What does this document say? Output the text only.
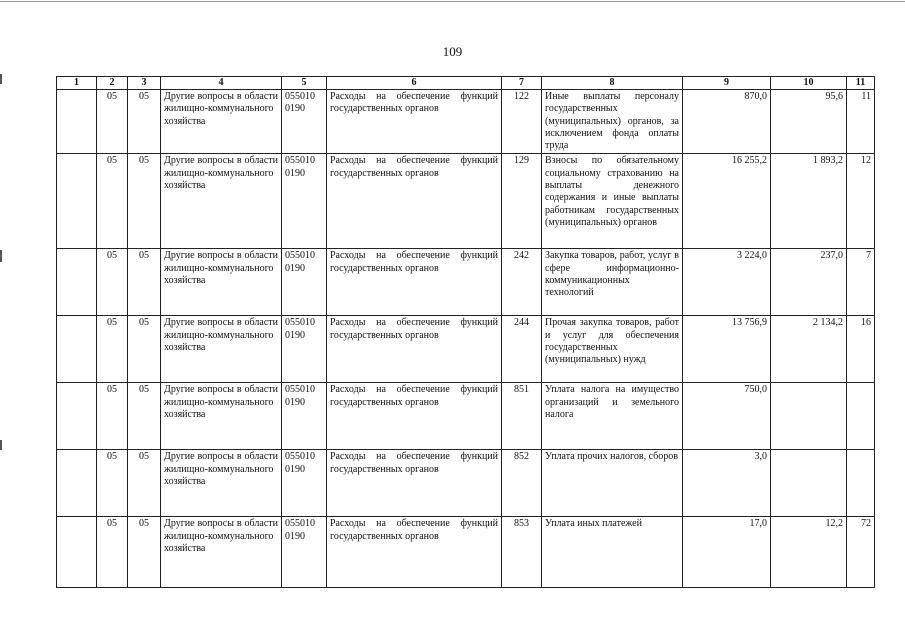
109
1	2	3	4	5	6	7	8	9	10	11
	05	05	Другие вопросы в области жилищно-коммунального хозяйства	055010 0190	Расходы на обеспечение функций государственных органов	122	Иные выплаты персоналу государственных (муниципальных) органов, за исключением фонда оплаты труда	870,0	95,6	11
	05	05	Другие вопросы в области жилищно-коммунального хозяйства	055010 0190	Расходы на обеспечение функций государственных органов	129	Взносы по обязательному социальному страхованию на выплаты денежного содержания и иные выплаты работникам государственных (муниципальных) органов	16 255,2	1 893,2	12
	05	05	Другие вопросы в области жилищно-коммунального хозяйства	055010 0190	Расходы на обеспечение функций государственных органов	242	Закупка товаров, работ, услуг в сфере информационно-коммуникационных технологий	3 224,0	237,0	7
	05	05	Другие вопросы в области жилищно-коммунального хозяйства	055010 0190	Расходы на обеспечение функций государственных органов	244	Прочая закупка товаров, работ и услуг для обеспечения государственных (муниципальных) нужд	13 756,9	2 134,2	16
	05	05	Другие вопросы в области жилищно-коммунального хозяйства	055010 0190	Расходы на обеспечение функций государственных органов	851	Уплата налога на имущество организаций и земельного налога	750,0		
	05	05	Другие вопросы в области жилищно-коммунального хозяйства	055010 0190	Расходы на обеспечение функций государственных органов	852	Уплата прочих налогов, сборов	3,0		
	05	05	Другие вопросы в области жилищно-коммунального хозяйства	055010 0190	Расходы на обеспечение функций государственных органов	853	Уплата иных платежей	17,0	12,2	72
